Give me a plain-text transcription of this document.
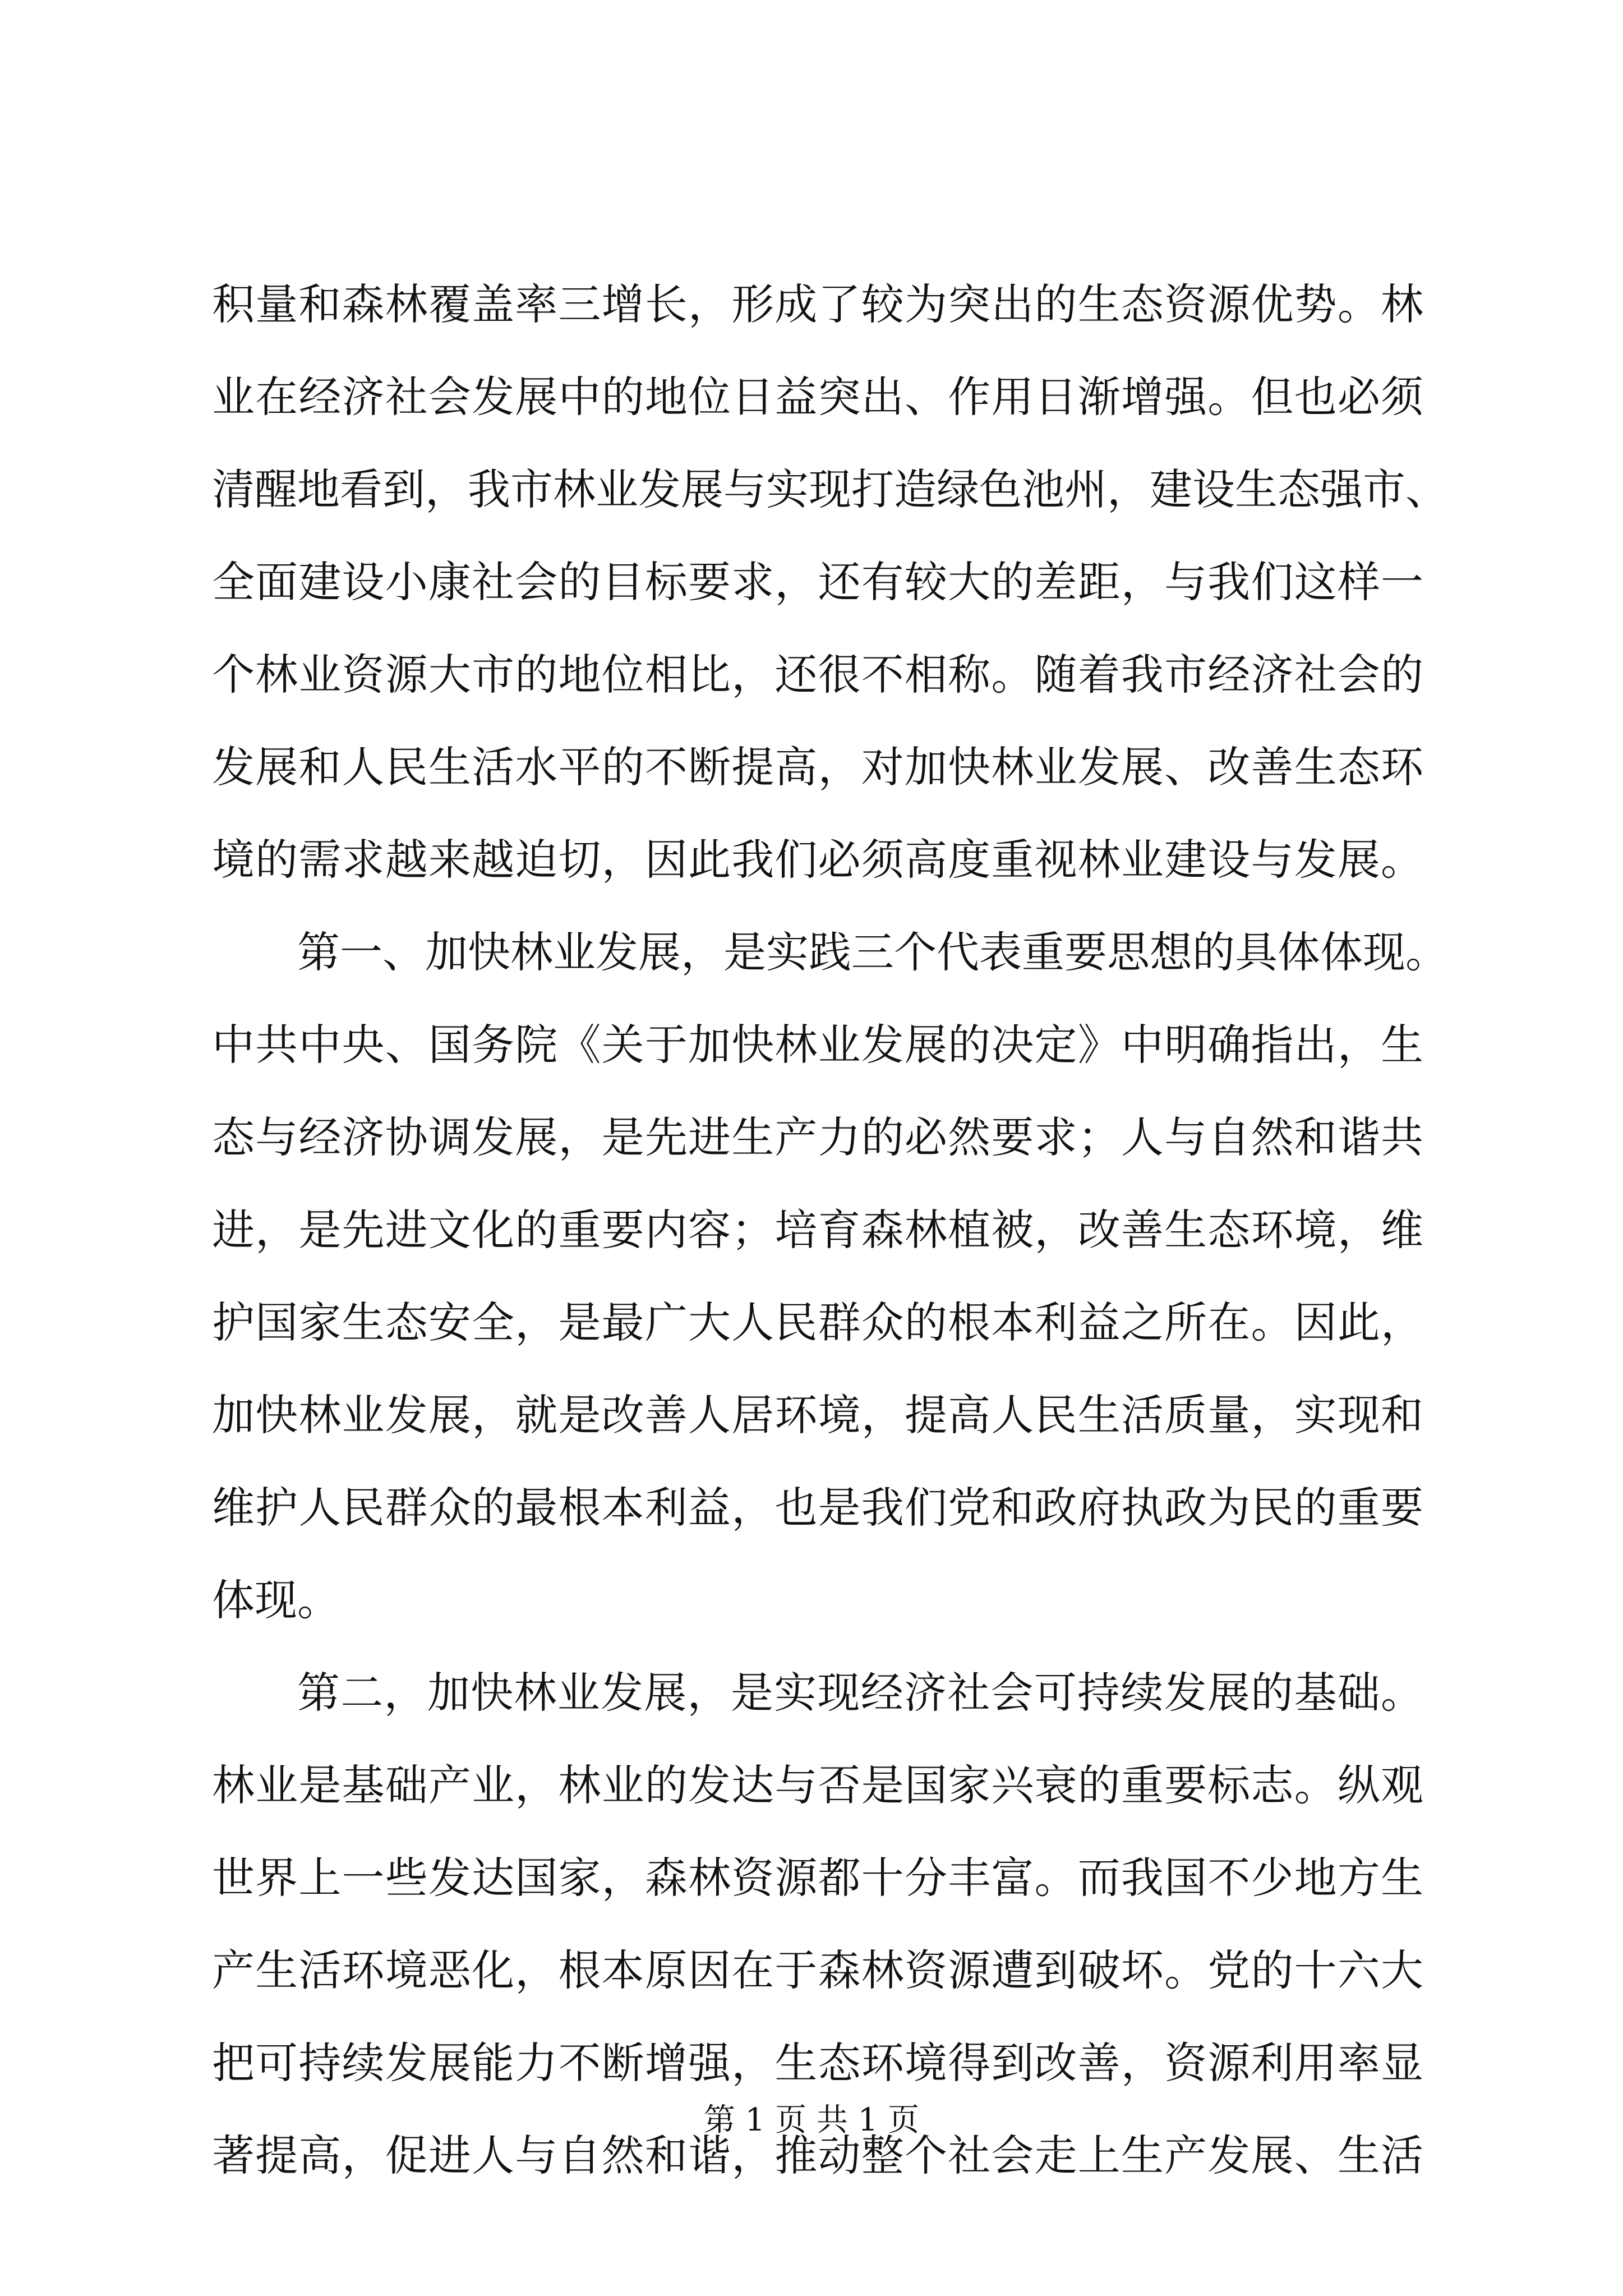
积量和森林覆盖率三增长，形成了较为突出的生态资源优势。林
业在经济社会发展中的地位日益突出、作用日渐增强。但也必须
清醒地看到，我市林业发展与实现打造绿色池州，建设生态强市、
全面建设小康社会的目标要求，还有较大的差距，与我们这样一
个林业资源大市的地位相比，还很不相称。随着我市经济社会的
发展和人民生活水平的不断提高，对加快林业发展、改善生态环
境的需求越来越迫切，因此我们必须高度重视林业建设与发展。
第一、加快林业发展，是实践三个代表重要思想的具体体现。
中共中央、国务院《关于加快林业发展的决定》中明确指出，生
态与经济协调发展，是先进生产力的必然要求；人与自然和谐共
进，是先进文化的重要内容；培育森林植被，改善生态环境，维
护国家生态安全，是最广大人民群众的根本利益之所在。因此，
加快林业发展，就是改善人居环境，提高人民生活质量，实现和
维护人民群众的最根本利益，也是我们党和政府执政为民的重要
体现。
第二，加快林业发展，是实现经济社会可持续发展的基础。
林业是基础产业，林业的发达与否是国家兴衰的重要标志。纵观
世界上一些发达国家，森林资源都十分丰富。而我国不少地方生
产生活环境恶化，根本原因在于森林资源遭到破坏。党的十六大
把可持续发展能力不断增强，生态环境得到改善，资源利用率显
著提高，促进人与自然和谐，推动整个社会走上生产发展、生活
第 1 页 共 1 页
